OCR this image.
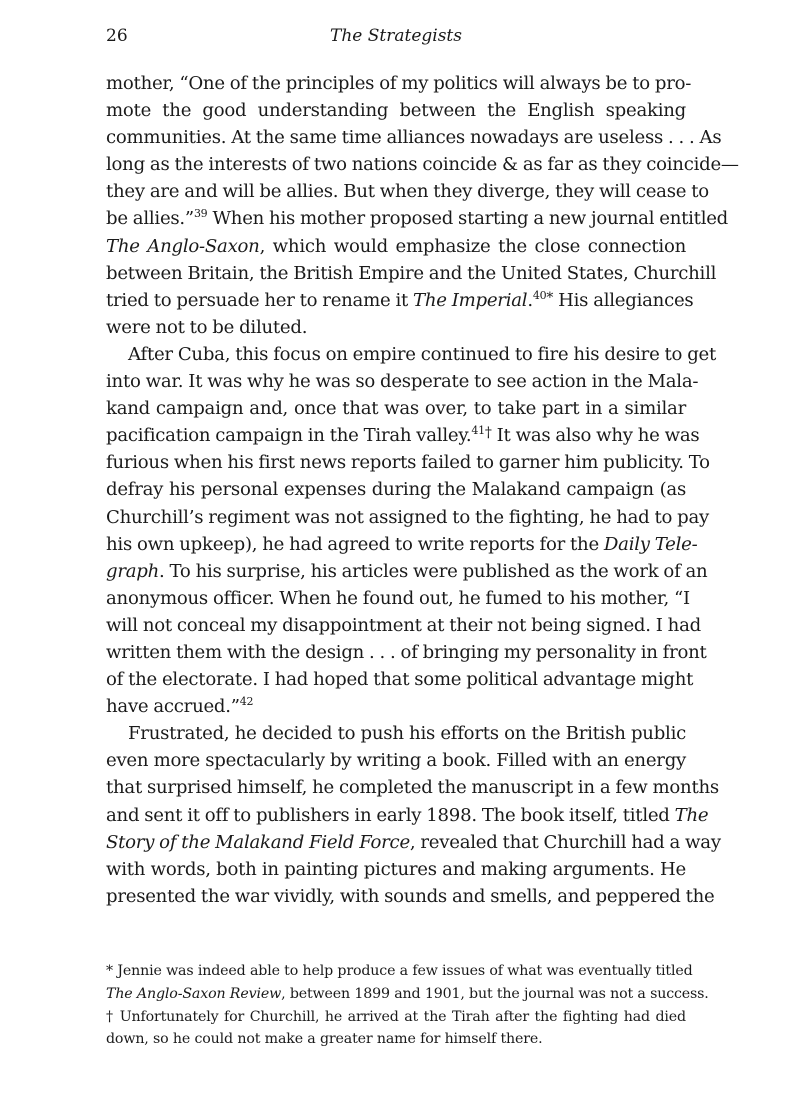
26	The Strategists

mother, “One of the principles of my politics will always be to pro-
mote the good understanding between the English speaking
communities. At the same time alliances nowadays are useless . . . As
long as the interests of two nations coincide & as far as they coincide—
they are and will be allies. But when they diverge, they will cease to
be allies.”$^{39}$ When his mother proposed starting a new journal entitled
The Anglo-Saxon, which would emphasize the close connection
between Britain, the British Empire and the United States, Churchill
tried to persuade her to rename it The Imperial.$^{40*}$ His allegiances
were not to be diluted.

After Cuba, this focus on empire continued to fire his desire to get
into war. It was why he was so desperate to see action in the Mala-
kand campaign and, once that was over, to take part in a similar
pacification campaign in the Tirah valley.$^{41\dagger}$ It was also why he was
furious when his first news reports failed to garner him publicity. To
defray his personal expenses during the Malakand campaign (as
Churchill’s regiment was not assigned to the fighting, he had to pay
his own upkeep), he had agreed to write reports for the Daily Tele-
graph. To his surprise, his articles were published as the work of an
anonymous officer. When he found out, he fumed to his mother, “I
will not conceal my disappointment at their not being signed. I had
written them with the design . . . of bringing my personality in front
of the electorate. I had hoped that some political advantage might
have accrued.”$^{42}$

Frustrated, he decided to push his efforts on the British public
even more spectacularly by writing a book. Filled with an energy
that surprised himself, he completed the manuscript in a few months
and sent it off to publishers in early 1898. The book itself, titled The
Story of the Malakand Field Force, revealed that Churchill had a way
with words, both in painting pictures and making arguments. He
presented the war vividly, with sounds and smells, and peppered the

* Jennie was indeed able to help produce a few issues of what was eventually titled
The Anglo-Saxon Review, between 1899 and 1901, but the journal was not a success.

† Unfortunately for Churchill, he arrived at the Tirah after the fighting had died
down, so he could not make a greater name for himself there.
